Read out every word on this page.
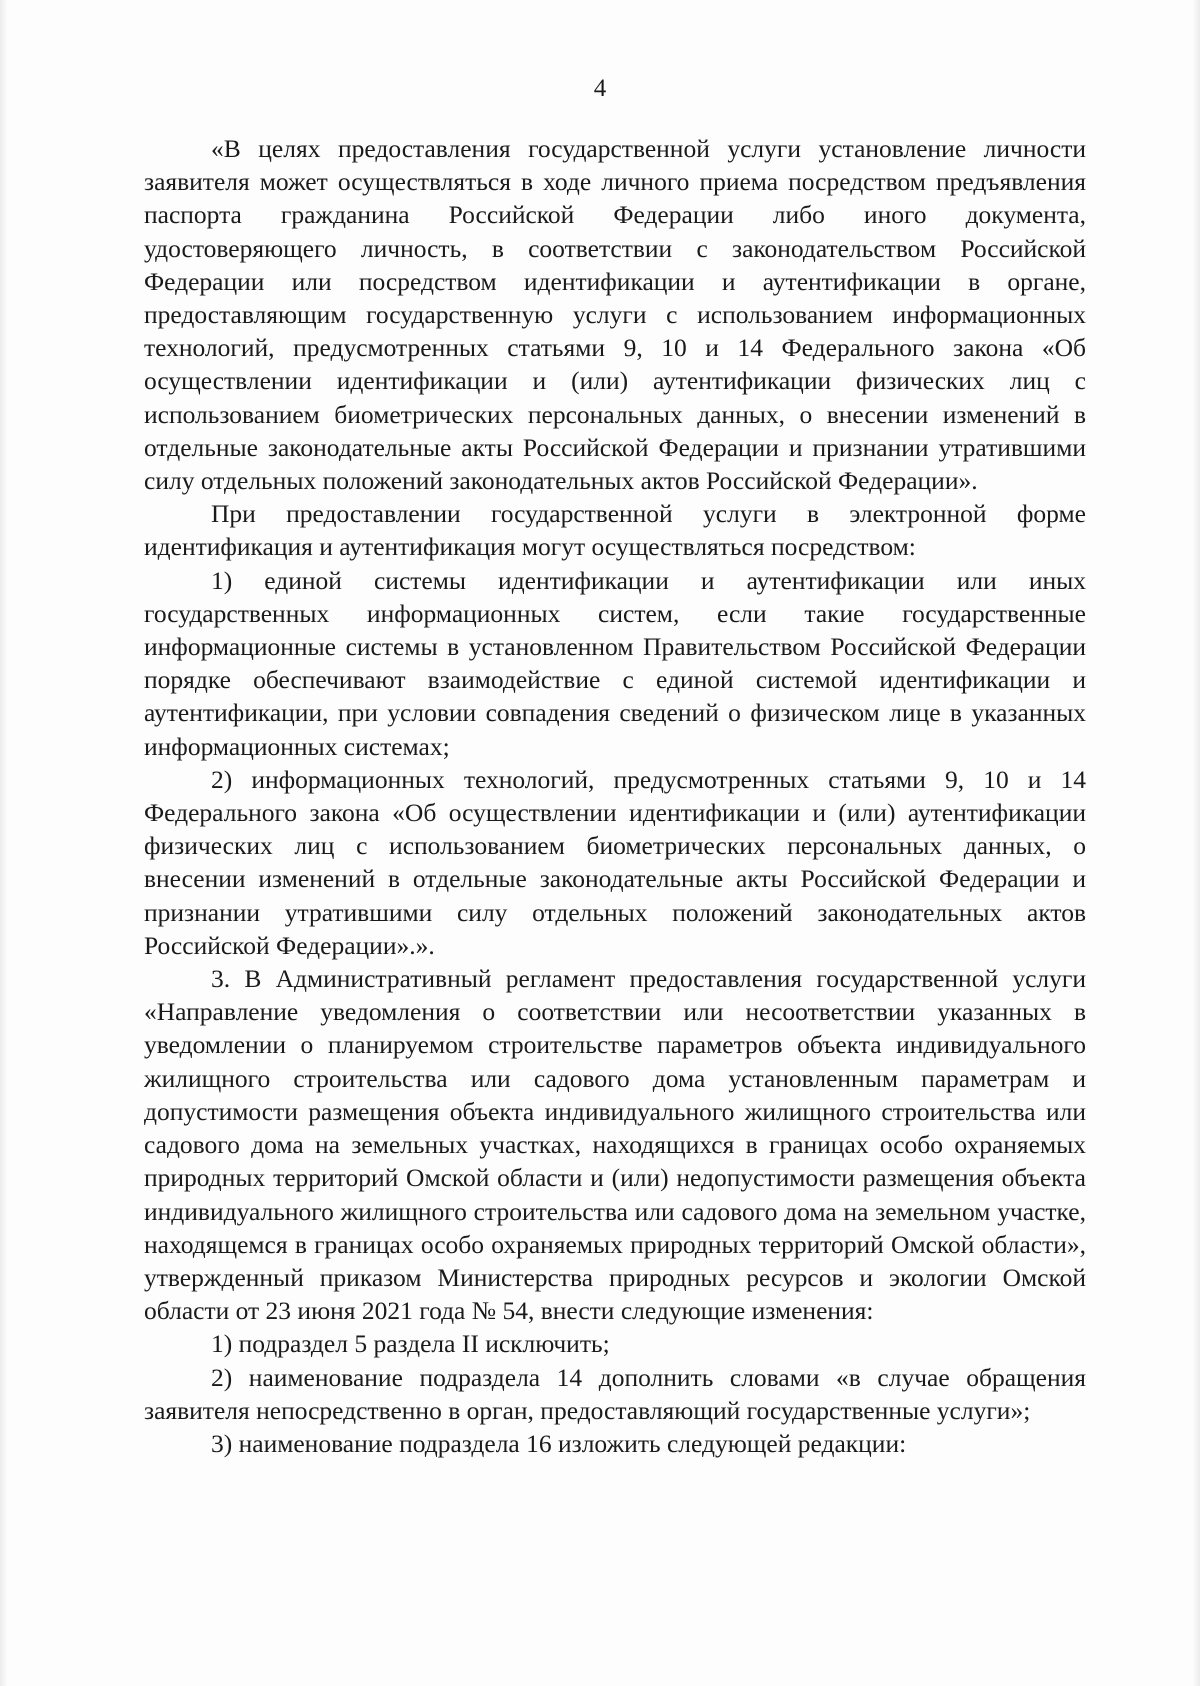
4

«В целях предоставления государственной услуги установление личности заявителя может осуществляться в ходе личного приема посредством предъявления паспорта гражданина Российской Федерации либо иного документа, удостоверяющего личность, в соответствии с законодательством Российской Федерации или посредством идентификации и аутентификации в органе, предоставляющим государственную услуги с использованием информационных технологий, предусмотренных статьями 9, 10 и 14 Федерального закона «Об осуществлении идентификации и (или) аутентификации физических лиц с использованием биометрических персональных данных, о внесении изменений в отдельные законодательные акты Российской Федерации и признании утратившими силу отдельных положений законодательных актов Российской Федерации».

При предоставлении государственной услуги в электронной форме идентификация и аутентификация могут осуществляться посредством:

1) единой системы идентификации и аутентификации или иных государственных информационных систем, если такие государственные информационные системы в установленном Правительством Российской Федерации порядке обеспечивают взаимодействие с единой системой идентификации и аутентификации, при условии совпадения сведений о физическом лице в указанных информационных системах;

2) информационных технологий, предусмотренных статьями 9, 10 и 14 Федерального закона «Об осуществлении идентификации и (или) аутентификации физических лиц с использованием биометрических персональных данных, о внесении изменений в отдельные законодательные акты Российской Федерации и признании утратившими силу отдельных положений законодательных актов Российской Федерации».».

3. В Административный регламент предоставления государственной услуги «Направление уведомления о соответствии или несоответствии указанных в уведомлении о планируемом строительстве параметров объекта индивидуального жилищного строительства или садового дома установленным параметрам и допустимости размещения объекта индивидуального жилищного строительства или садового дома на земельных участках, находящихся в границах особо охраняемых природных территорий Омской области и (или) недопустимости размещения объекта индивидуального жилищного строительства или садового дома на земельном участке, находящемся в границах особо охраняемых природных территорий Омской области», утвержденный приказом Министерства природных ресурсов и экологии Омской области от 23 июня 2021 года № 54, внести следующие изменения:

1) подраздел 5 раздела II исключить;

2) наименование подраздела 14 дополнить словами «в случае обращения заявителя непосредственно в орган, предоставляющий государственные услуги»;

3) наименование подраздела 16 изложить следующей редакции:
